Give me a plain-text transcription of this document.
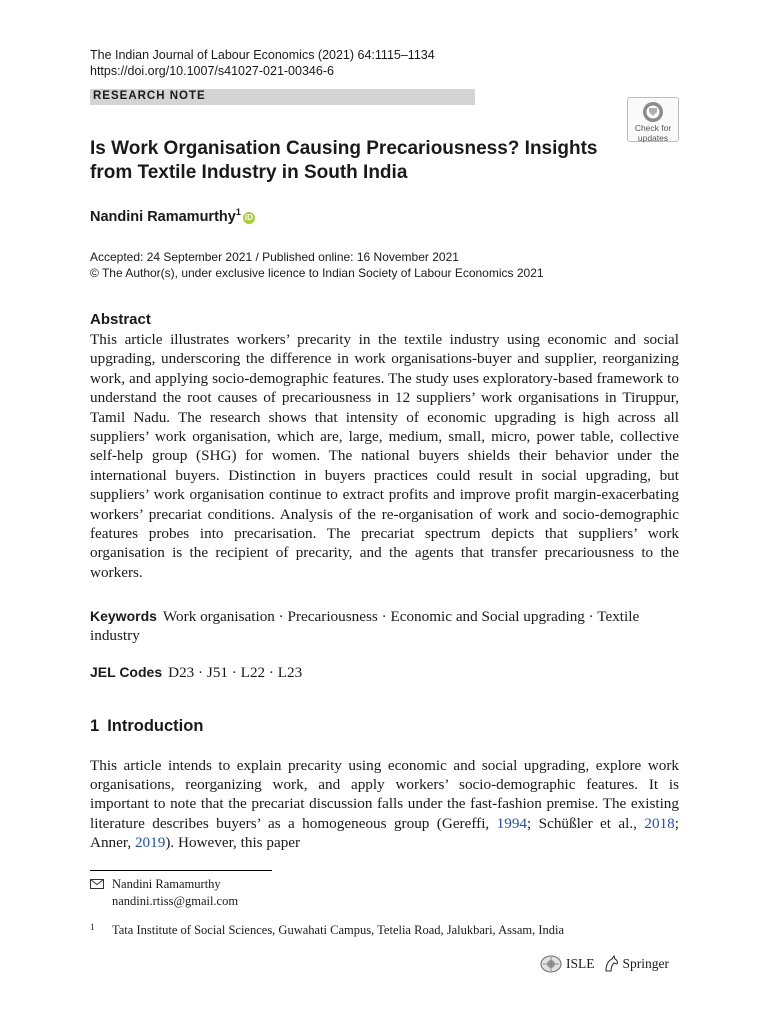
The Indian Journal of Labour Economics (2021) 64:1115–1134
https://doi.org/10.1007/s41027-021-00346-6
RESEARCH NOTE
Check for
updates
Is Work Organisation Causing Precariousness? Insights from Textile Industry in South India
Nandini Ramamurthy$^1$iD
Accepted: 24 September 2021 / Published online: 16 November 2021
© The Author(s), under exclusive licence to Indian Society of Labour Economics 2021
Abstract
This article illustrates workers’ precarity in the textile industry using economic and social upgrading, underscoring the difference in work organisations-buyer and supplier, reorganizing work, and applying socio-demographic features. The study uses exploratory-based framework to understand the root causes of precariousness in 12 suppliers’ work organisations in Tiruppur, Tamil Nadu. The research shows that intensity of economic upgrading is high across all suppliers’ work organisation, which are, large, medium, small, micro, power table, collective self-help group (SHG) for women. The national buyers shields their behavior under the international buyers. Distinction in buyers practices could result in social upgrading, but suppliers’ work organisation continue to extract profits and improve profit margin-exacerbating workers’ precariat conditions. Analysis of the re-organisation of work and socio-demographic features probes into precarisation. The precariat spectrum depicts that suppliers’ work organisation is the recipient of precarity, and the agents that transfer precariousness to the workers.
Keywords Work organisation · Precariousness · Economic and Social upgrading · Textile industry
JEL Codes D23 · J51 · L22 · L23
1 Introduction
This article intends to explain precarity using economic and social upgrading, explore work organisations, reorganizing work, and apply workers’ socio-demographic features. It is important to note that the precariat discussion falls under the fast-fashion premise. The existing literature describes buyers’ as a homogeneous group (Gereffi, 1994; Schüßler et al., 2018; Anner, 2019). However, this paper
Nandini Ramamurthy
nandini.rtiss@gmail.com
1 Tata Institute of Social Sciences, Guwahati Campus, Tetelia Road, Jalukbari, Assam, India
ISLE Springer
